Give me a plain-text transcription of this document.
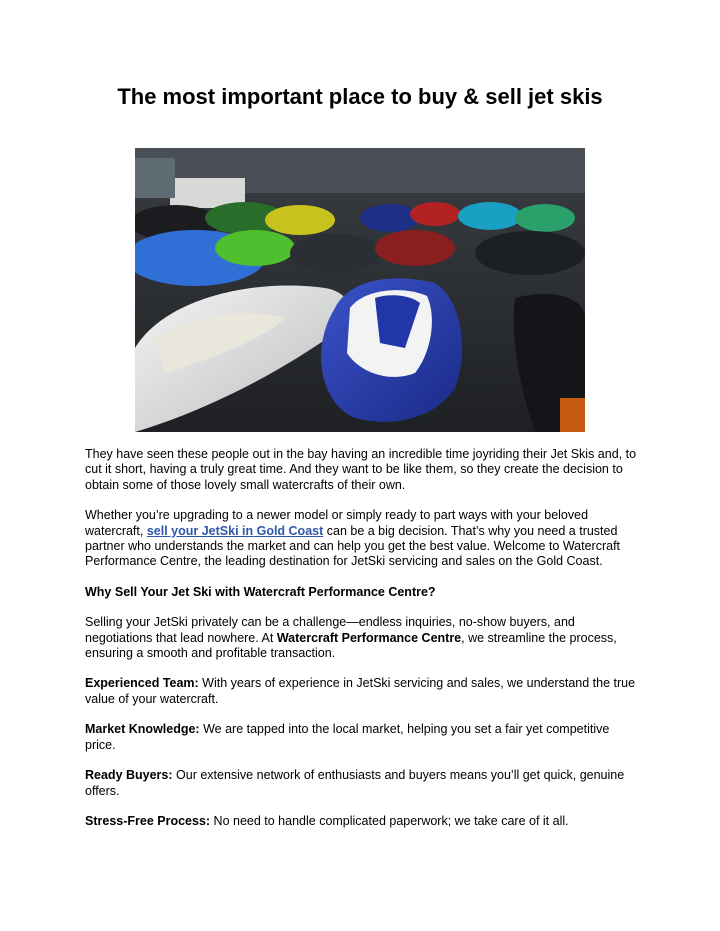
The most important place to buy & sell jet skis

They have seen these people out in the bay having an incredible time joyriding their Jet Skis and, to cut it short, having a truly great time. And they want to be like them, so they create the decision to obtain some of those lovely small watercrafts of their own.

Whether you’re upgrading to a newer model or simply ready to part ways with your beloved watercraft, sell your JetSki in Gold Coast can be a big decision. That’s why you need a trusted partner who understands the market and can help you get the best value. Welcome to Watercraft Performance Centre, the leading destination for JetSki servicing and sales on the Gold Coast.

Why Sell Your Jet Ski with Watercraft Performance Centre?

Selling your JetSki privately can be a challenge—endless inquiries, no-show buyers, and negotiations that lead nowhere. At Watercraft Performance Centre, we streamline the process, ensuring a smooth and profitable transaction.

Experienced Team: With years of experience in JetSki servicing and sales, we understand the true value of your watercraft.

Market Knowledge: We are tapped into the local market, helping you set a fair yet competitive price.

Ready Buyers: Our extensive network of enthusiasts and buyers means you’ll get quick, genuine offers.

Stress-Free Process: No need to handle complicated paperwork; we take care of it all.
